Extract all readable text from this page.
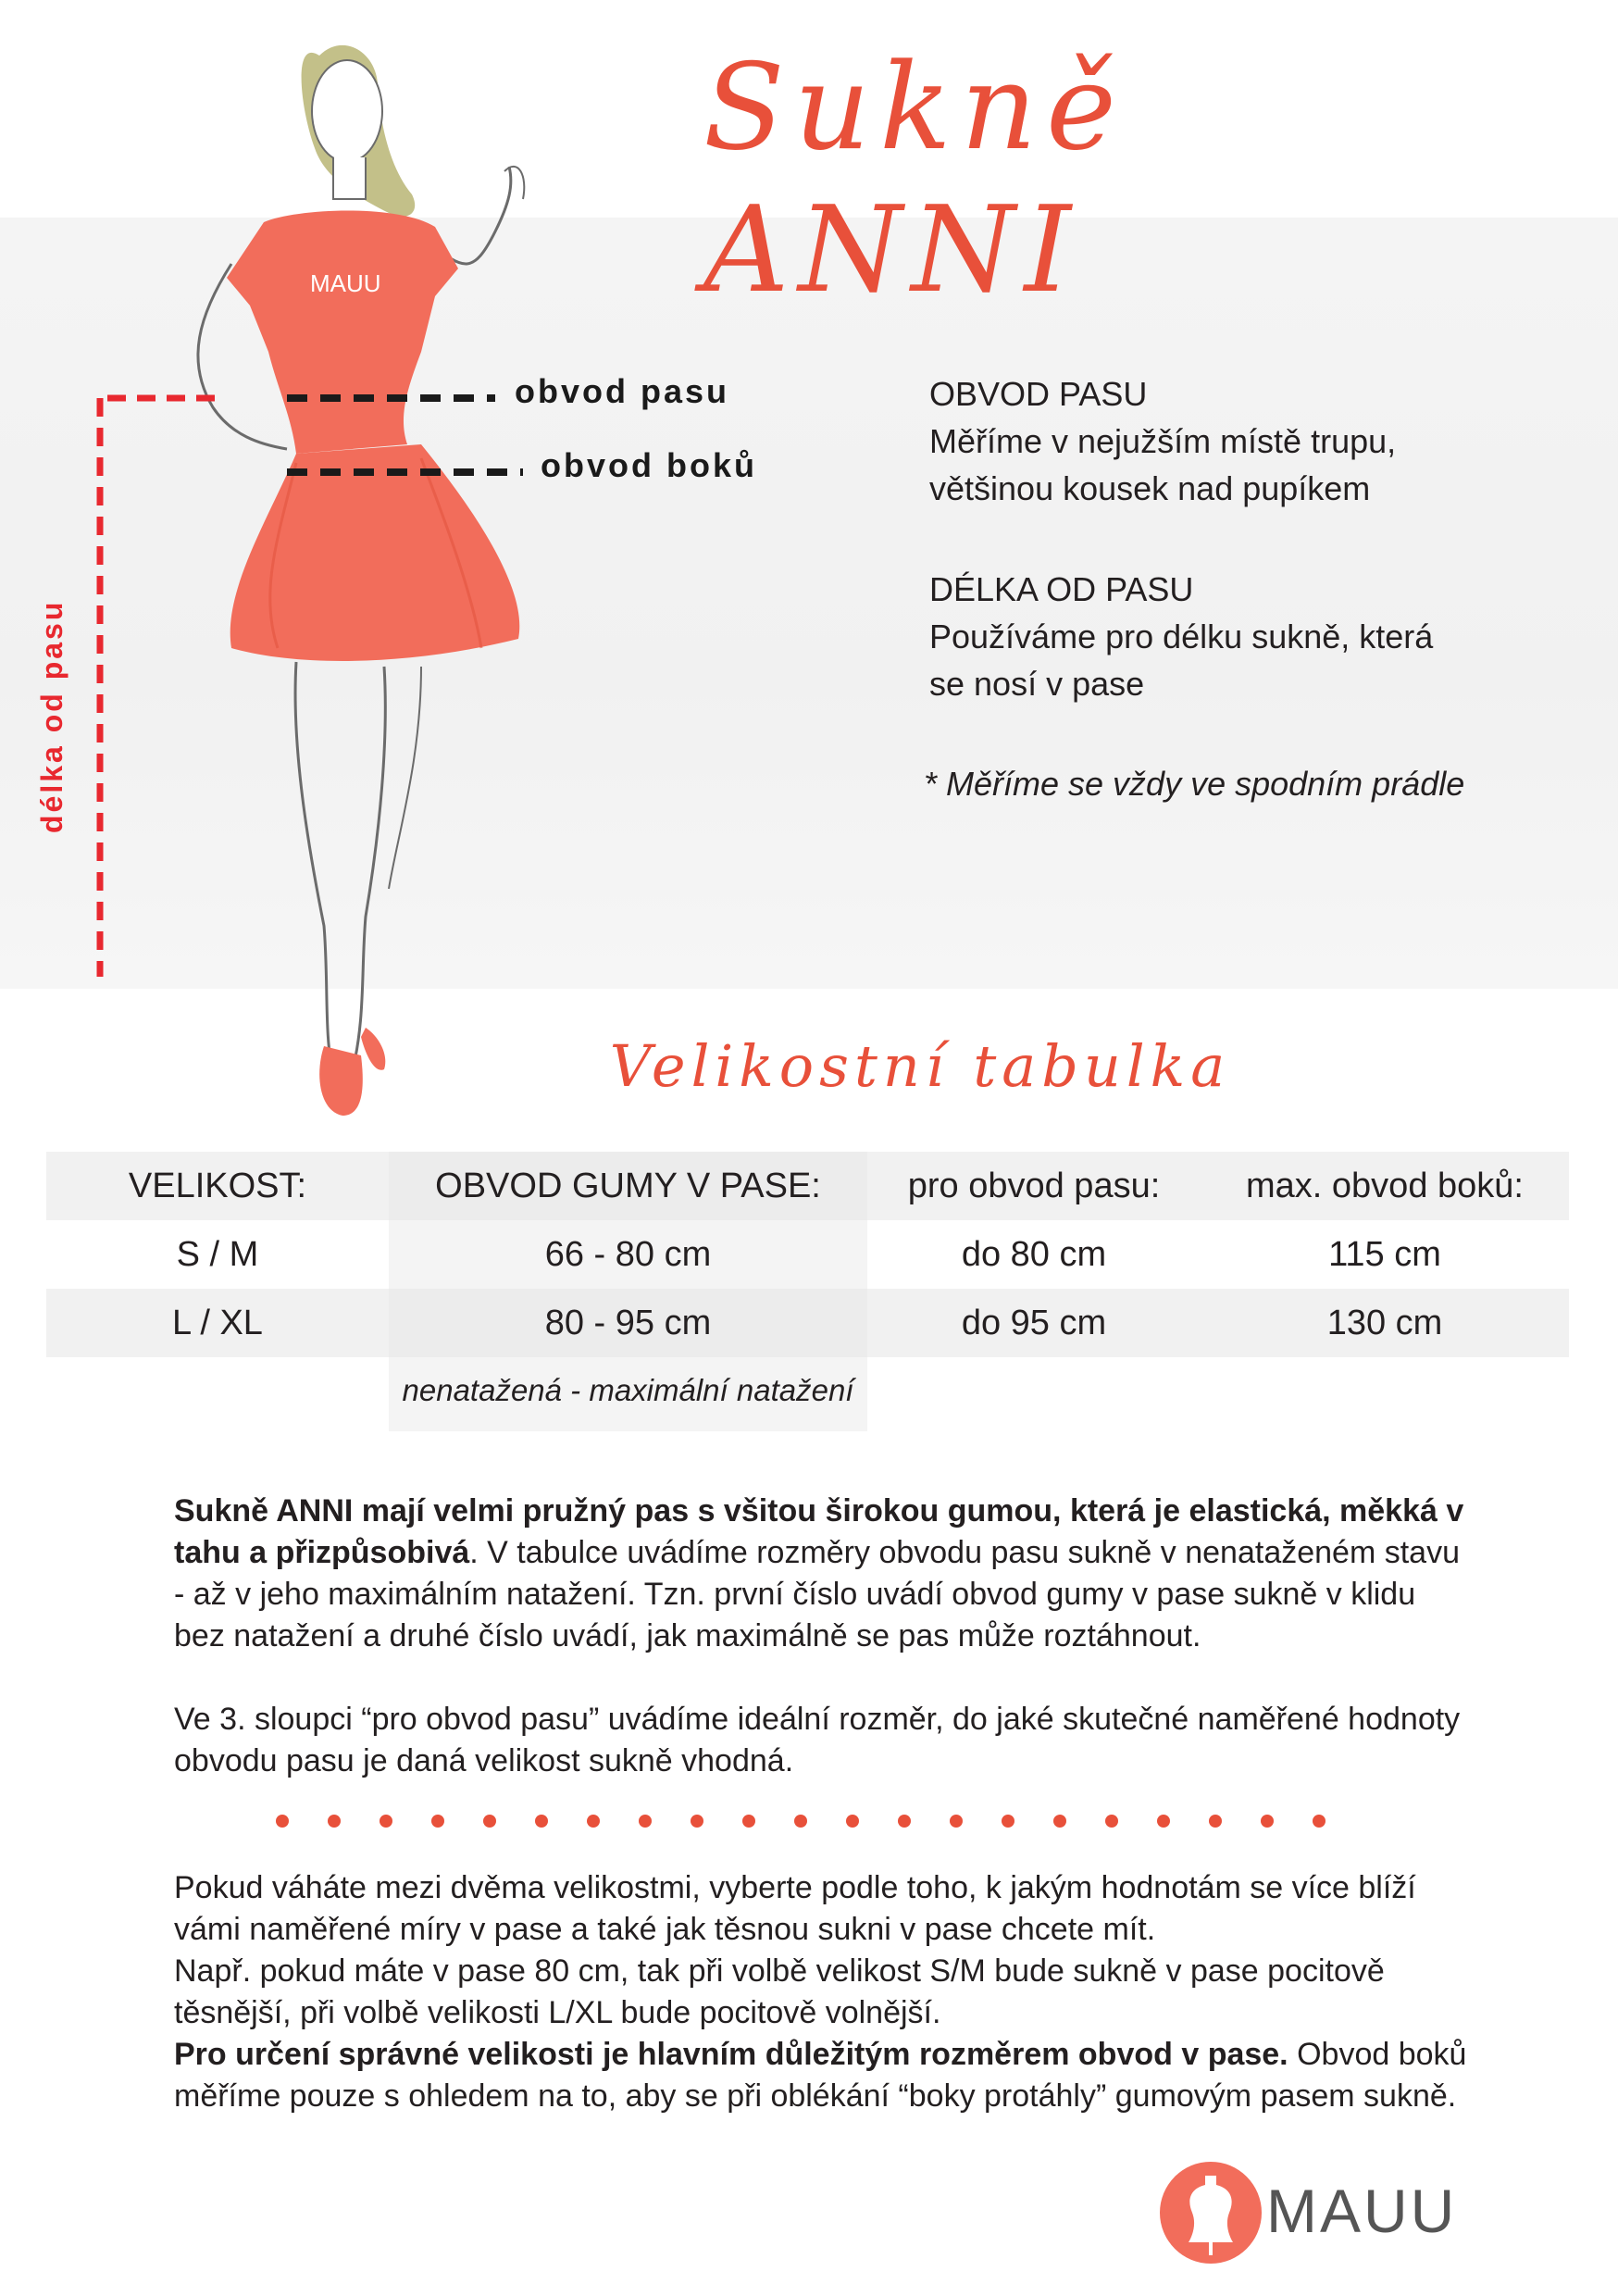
Sukně ANNI
MAUU
obvod pasu
obvod boků
délka od pasu
OBVOD PASU
Měříme v nejužším místě trupu,
většinou kousek nad pupíkem
DÉLKA OD PASU
Používáme pro délku sukně, která
se nosí v pase
* Měříme se vždy ve spodním prádle
Velikostní tabulka
VELIKOST:	OBVOD GUMY V PASE:	pro obvod pasu:	max. obvod boků:
S / M	66 - 80 cm	do 80 cm	115 cm
L / XL	80 - 95 cm	do 95 cm	130 cm
nenatažená - maximální natažení
Sukně ANNI mají velmi pružný pas s všitou širokou gumou, která je elastická, měkká v tahu a přizpůsobivá. V tabulce uvádíme rozměry obvodu pasu sukně v nenataženém stavu - až v jeho maximálním natažení. Tzn. první číslo uvádí obvod gumy v pase sukně v klidu bez natažení a druhé číslo uvádí, jak maximálně se pas může roztáhnout.
Ve 3. sloupci “pro obvod pasu” uvádíme ideální rozměr, do jaké skutečné naměřené hodnoty obvodu pasu je daná velikost sukně vhodná.
Pokud váháte mezi dvěma velikostmi, vyberte podle toho, k jakým hodnotám se více blíží vámi naměřené míry v pase a také jak těsnou sukni v pase chcete mít.
Např. pokud máte v pase 80 cm, tak při volbě velikost S/M bude sukně v pase pocitově těsnější, při volbě velikosti L/XL bude pocitově volnější.
Pro určení správné velikosti je hlavním důležitým rozměrem obvod v pase. Obvod boků měříme pouze s ohledem na to, aby se při oblékání “boky protáhly” gumovým pasem sukně.
MAUU
